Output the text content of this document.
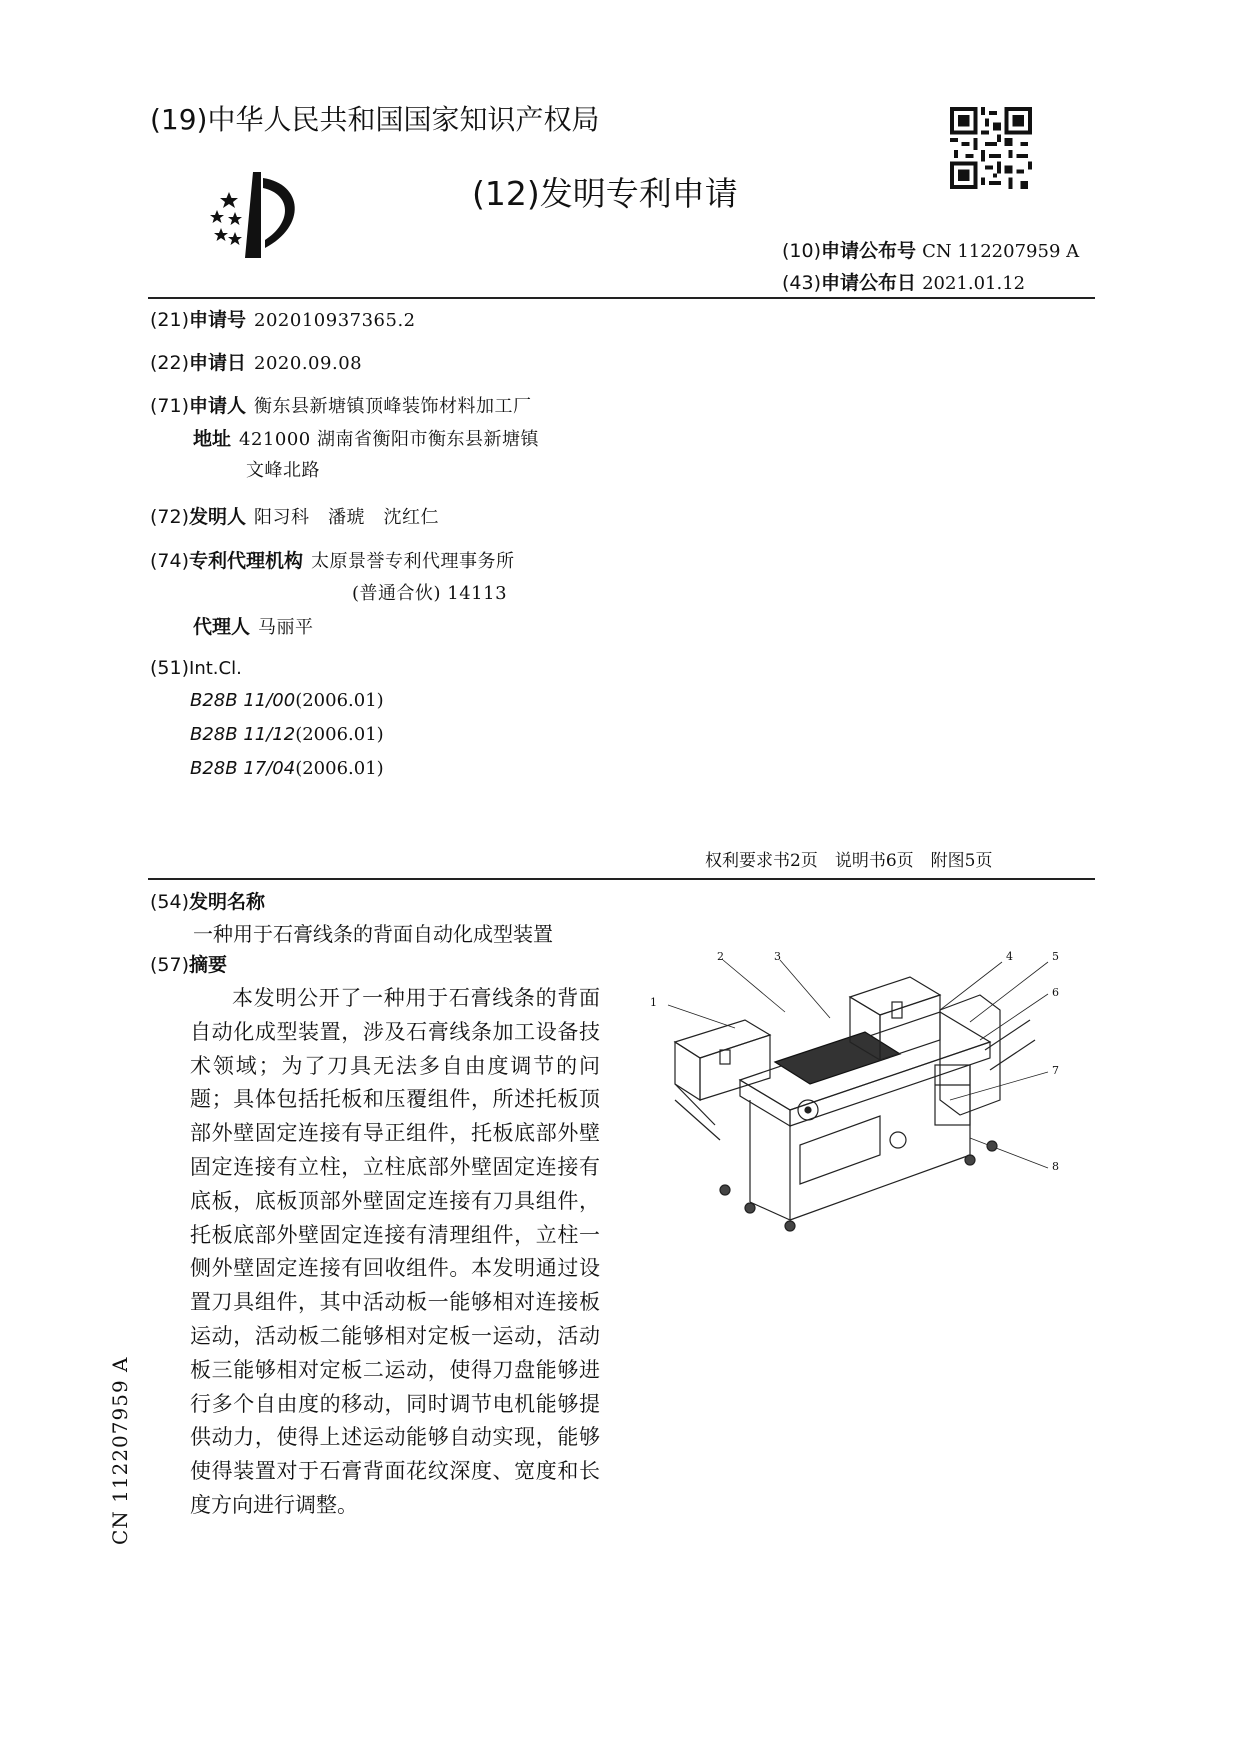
(19)中华人民共和国国家知识产权局
(12)发明专利申请
(10)申请公布号 CN 112207959 A
(43)申请公布日 2021.01.12
(21)申请号 202010937365.2
(22)申请日 2020.09.08
(71)申请人 衡东县新塘镇顶峰装饰材料加工厂
地址 421000 湖南省衡阳市衡东县新塘镇
文峰北路
(72)发明人 阳习科　潘琥　沈红仁
(74)专利代理机构 太原景誉专利代理事务所
(普通合伙) 14113
代理人 马丽平
(51)Int.Cl.
B28B 11/00(2006.01)
B28B 11/12(2006.01)
B28B 17/04(2006.01)
权利要求书2页　说明书6页　附图5页
(54)发明名称
一种用于石膏线条的背面自动化成型装置
(57)摘要

本发明公开了一种用于石膏线条的背面自动化成型装置，涉及石膏线条加工设备技术领域；为了刀具无法多自由度调节的问题；具体包括托板和压覆组件，所述托板顶部外壁固定连接有导正组件，托板底部外壁固定连接有立柱，立柱底部外壁固定连接有底板，底板顶部外壁固定连接有刀具组件，托板底部外壁固定连接有清理组件，立柱一侧外壁固定连接有回收组件。本发明通过设置刀具组件，其中活动板一能够相对连接板运动，活动板二能够相对定板一运动，活动板三能够相对定板二运动，使得刀盘能够进行多个自由度的移动，同时调节电机能够提供动力，使得上述运动能够自动实现，能够使得装置对于石膏背面花纹深度、宽度和长度方向进行调整。

1
2	3	4	5
6
7
8
CN 112207959 A
